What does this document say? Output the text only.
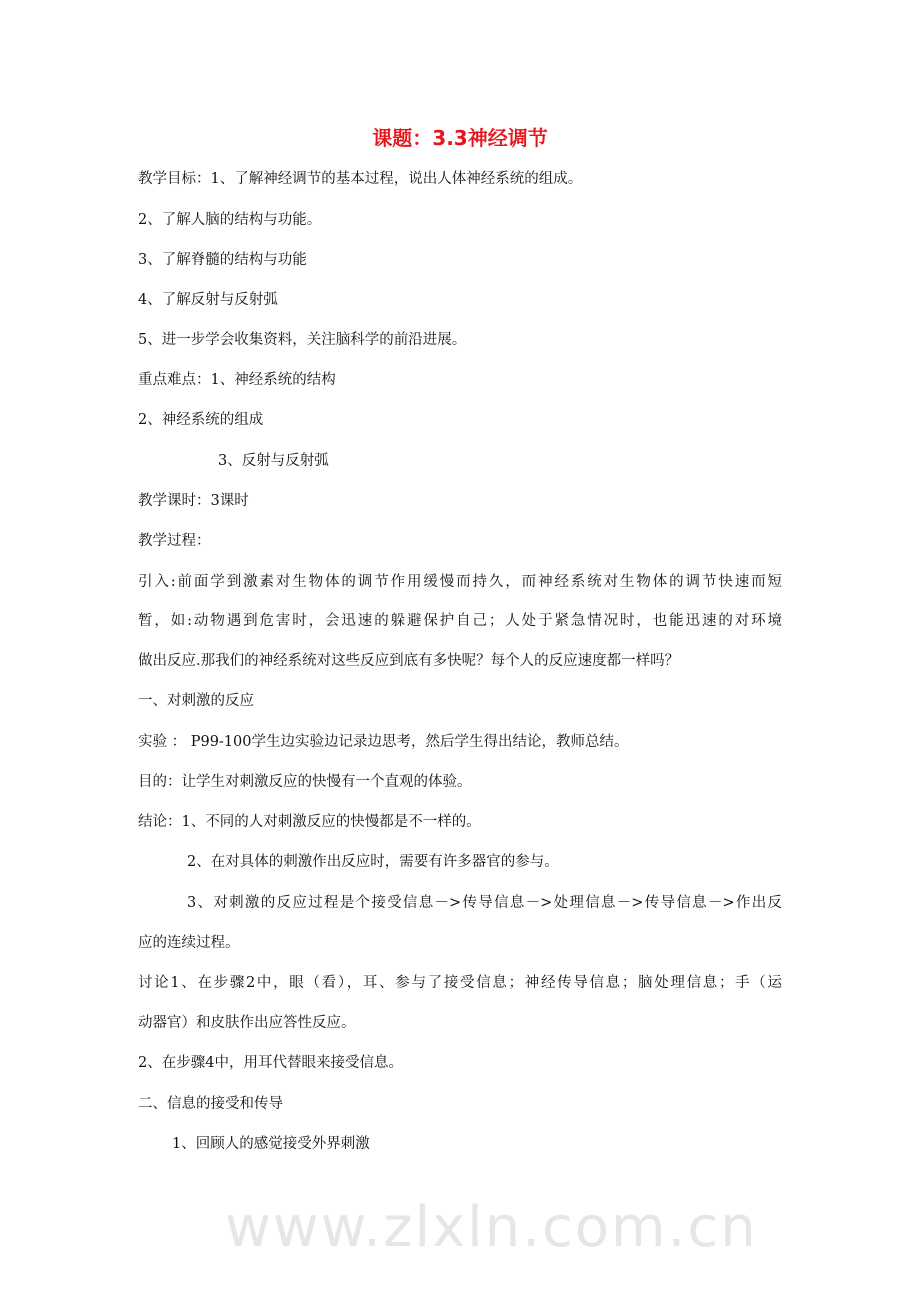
课题：3.3神经调节
教学目标：1、了解神经调节的基本过程，说出人体神经系统的组成。
2、了解人脑的结构与功能。
3、了解脊髓的结构与功能
4、了解反射与反射弧
5、进一步学会收集资料，关注脑科学的前沿进展。
重点难点：1、神经系统的结构
2、神经系统的组成
3、反射与反射弧
教学课时：3课时
教学过程：
引入:前面学到激素对生物体的调节作用缓慢而持久，而神经系统对生物体的调节快速而短
暂，如:动物遇到危害时，会迅速的躲避保护自己；人处于紧急情况时，也能迅速的对环境
做出反应.那我们的神经系统对这些反应到底有多快呢？每个人的反应速度都一样吗？
一、对刺激的反应
实验 ： P99-100学生边实验边记录边思考，然后学生得出结论，教师总结。
目的：让学生对刺激反应的快慢有一个直观的体验。
结论：1、不同的人对刺激反应的快慢都是不一样的。
2、在对具体的刺激作出反应时，需要有许多器官的参与。
3、对刺激的反应过程是个接受信息－>传导信息－>处理信息－>传导信息－>作出反
应的连续过程。
讨论1、在步骤2中，眼（看），耳、参与了接受信息；神经传导信息；脑处理信息；手（运
动器官）和皮肤作出应答性反应。
2、在步骤4中，用耳代替眼来接受信息。
二、信息的接受和传导
1、回顾人的感觉接受外界刺激
www.zlxln.com.cn
